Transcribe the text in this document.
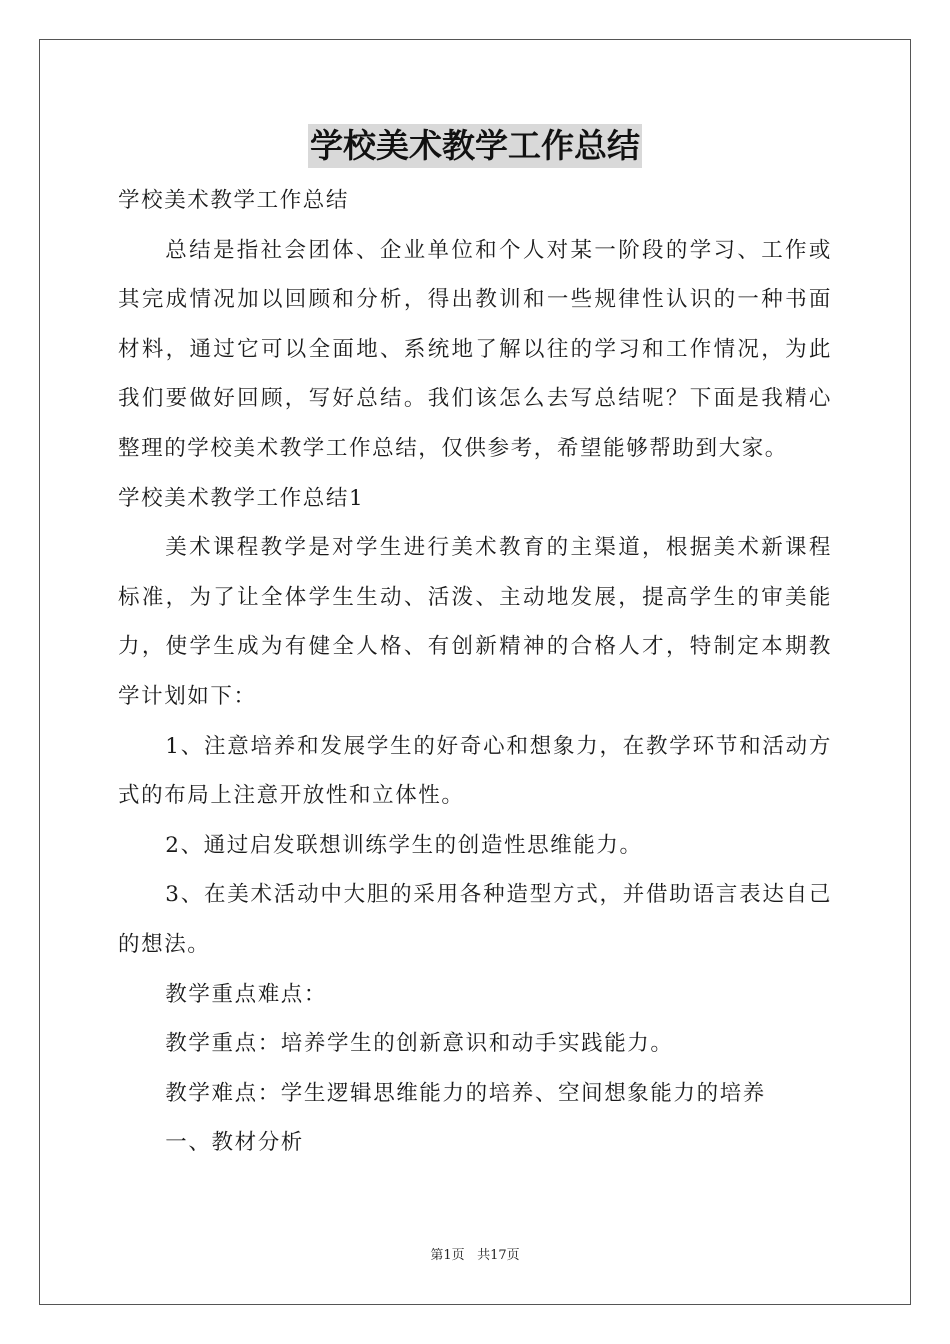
学校美术教学工作总结

学校美术教学工作总结

总结是指社会团体、企业单位和个人对某一阶段的学习、工作或其完成情况加以回顾和分析，得出教训和一些规律性认识的一种书面材料，通过它可以全面地、系统地了解以往的学习和工作情况，为此我们要做好回顾，写好总结。我们该怎么去写总结呢？下面是我精心整理的学校美术教学工作总结，仅供参考，希望能够帮助到大家。

学校美术教学工作总结1

美术课程教学是对学生进行美术教育的主渠道，根据美术新课程标准，为了让全体学生生动、活泼、主动地发展，提高学生的审美能力，使学生成为有健全人格、有创新精神的合格人才，特制定本期教学计划如下：

1、注意培养和发展学生的好奇心和想象力，在教学环节和活动方式的布局上注意开放性和立体性。

2、通过启发联想训练学生的创造性思维能力。

3、在美术活动中大胆的采用各种造型方式，并借助语言表达自己的想法。

教学重点难点：

教学重点：培养学生的创新意识和动手实践能力。

教学难点：学生逻辑思维能力的培养、空间想象能力的培养

一、教材分析

第1页 共17页
